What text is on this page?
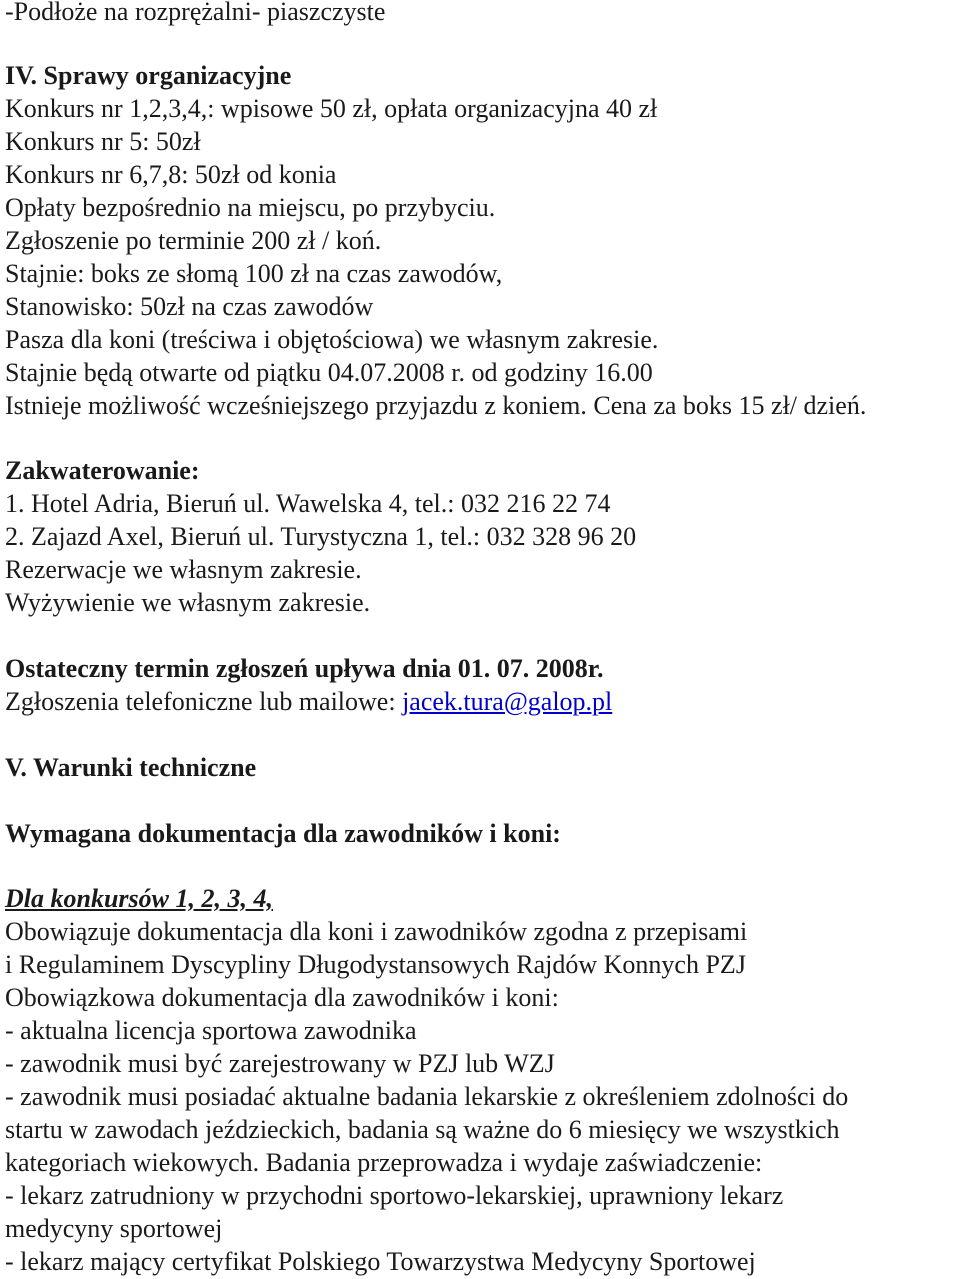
-Podłoże na rozprężalni- piaszczyste
IV. Sprawy organizacyjne
Konkurs nr 1,2,3,4,: wpisowe 50 zł, opłata organizacyjna 40 zł
Konkurs nr 5: 50zł
Konkurs nr 6,7,8: 50zł od konia
Opłaty bezpośrednio na miejscu, po przybyciu.
Zgłoszenie po terminie 200 zł / koń.
Stajnie: boks ze słomą 100 zł na czas zawodów,
Stanowisko: 50zł na czas zawodów
Pasza dla koni (treściwa i objętościowa) we własnym zakresie.
Stajnie będą otwarte od piątku 04.07.2008 r. od godziny 16.00
Istnieje możliwość wcześniejszego przyjazdu z koniem. Cena za boks 15 zł/ dzień.
Zakwaterowanie:
1. Hotel Adria, Bieruń ul. Wawelska 4, tel.: 032 216 22 74
2. Zajazd Axel, Bieruń ul. Turystyczna 1, tel.: 032 328 96 20
Rezerwacje we własnym zakresie.
Wyżywienie we własnym zakresie.
Ostateczny termin zgłoszeń upływa dnia 01. 07. 2008r.
Zgłoszenia telefoniczne lub mailowe: jacek.tura@galop.pl
V. Warunki techniczne
Wymagana dokumentacja dla zawodników i koni:
Dla konkursów 1, 2, 3, 4,
Obowiązuje dokumentacja dla koni i zawodników zgodna z przepisami
i Regulaminem Dyscypliny Długodystansowych Rajdów Konnych PZJ
Obowiązkowa dokumentacja dla zawodników i koni:
- aktualna licencja sportowa zawodnika
- zawodnik musi być zarejestrowany w PZJ lub WZJ
- zawodnik musi posiadać aktualne badania lekarskie z określeniem zdolności do
startu w zawodach jeździeckich, badania są ważne do 6 miesięcy we wszystkich
kategoriach wiekowych. Badania przeprowadza i wydaje zaświadczenie:
- lekarz zatrudniony w przychodni sportowo-lekarskiej, uprawniony lekarz
medycyny sportowej
- lekarz mający certyfikat Polskiego Towarzystwa Medycyny Sportowej
